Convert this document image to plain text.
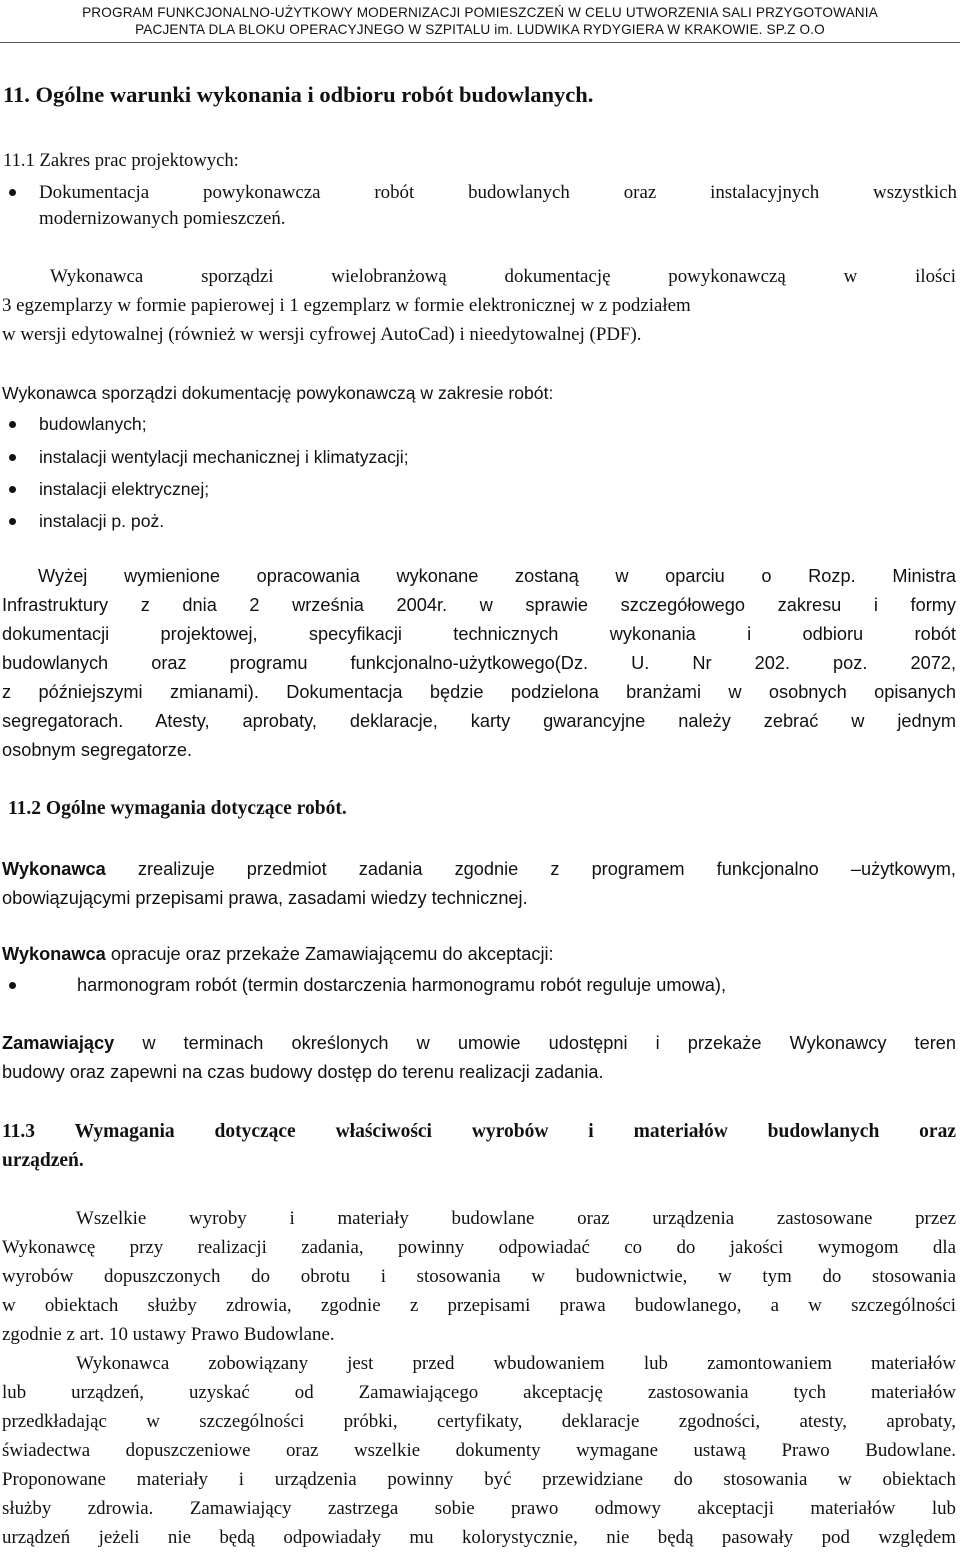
PROGRAM FUNKCJONALNO-UŻYTKOWY MODERNIZACJI POMIESZCZEŃ W CELU UTWORZENIA SALI PRZYGOTOWANIA
PACJENTA DLA BLOKU OPERACYJNEGO W SZPITALU im. LUDWIKA RYDYGIERA W KRAKOWIE. SP.Z O.O
11. Ogólne warunki wykonania i odbioru robót budowlanych.
11.1 Zakres prac projektowych:
Dokumentacja powykonawcza robót budowlanych oraz instalacyjnych wszystkich
modernizowanych pomieszczeń.
Wykonawca sporządzi wielobranżową dokumentację powykonawczą w ilości
3 egzemplarzy w formie papierowej i 1 egzemplarz w formie elektronicznej w z podziałem
w wersji edytowalnej (również w wersji cyfrowej AutoCad) i nieedytowalnej (PDF).
Wykonawca sporządzi dokumentację powykonawczą w zakresie robót:
budowlanych;
instalacji wentylacji mechanicznej i klimatyzacji;
instalacji elektrycznej;
instalacji p. poż.
Wyżej wymienione opracowania wykonane zostaną w oparciu o Rozp. Ministra
Infrastruktury z dnia 2 września 2004r. w sprawie szczegółowego zakresu i formy
dokumentacji projektowej, specyfikacji technicznych wykonania i odbioru robót
budowlanych oraz programu funkcjonalno-użytkowego(Dz. U. Nr 202. poz. 2072,
z późniejszymi zmianami). Dokumentacja będzie podzielona branżami w osobnych opisanych
segregatorach. Atesty, aprobaty, deklaracje, karty gwarancyjne należy zebrać w jednym
osobnym segregatorze.
11.2 Ogólne wymagania dotyczące robót.
Wykonawca zrealizuje przedmiot zadania zgodnie z programem funkcjonalno –użytkowym,
obowiązującymi przepisami prawa, zasadami wiedzy technicznej.
Wykonawca opracuje oraz przekaże Zamawiającemu do akceptacji:
harmonogram robót (termin dostarczenia harmonogramu robót reguluje umowa),
Zamawiający w terminach określonych w umowie udostępni i przekaże Wykonawcy teren
budowy oraz zapewni na czas budowy dostęp do terenu realizacji zadania.
11.3 Wymagania dotyczące właściwości wyrobów i materiałów budowlanych oraz
urządzeń.
Wszelkie wyroby i materiały budowlane oraz urządzenia zastosowane przez
Wykonawcę przy realizacji zadania, powinny odpowiadać co do jakości wymogom dla
wyrobów dopuszczonych do obrotu i stosowania w budownictwie, w tym do stosowania
w obiektach służby zdrowia, zgodnie z przepisami prawa budowlanego, a w szczególności
zgodnie z art. 10 ustawy Prawo Budowlane.
Wykonawca zobowiązany jest przed wbudowaniem lub zamontowaniem materiałów
lub urządzeń, uzyskać od Zamawiającego akceptację zastosowania tych materiałów
przedkładając w szczególności próbki, certyfikaty, deklaracje zgodności, atesty, aprobaty,
świadectwa dopuszczeniowe oraz wszelkie dokumenty wymagane ustawą Prawo Budowlane.
Proponowane materiały i urządzenia powinny być przewidziane do stosowania w obiektach
służby zdrowia. Zamawiający zastrzega sobie prawo odmowy akceptacji materiałów lub
urządzeń jeżeli nie będą odpowiadały mu kolorystycznie, nie będą pasowały pod względem
